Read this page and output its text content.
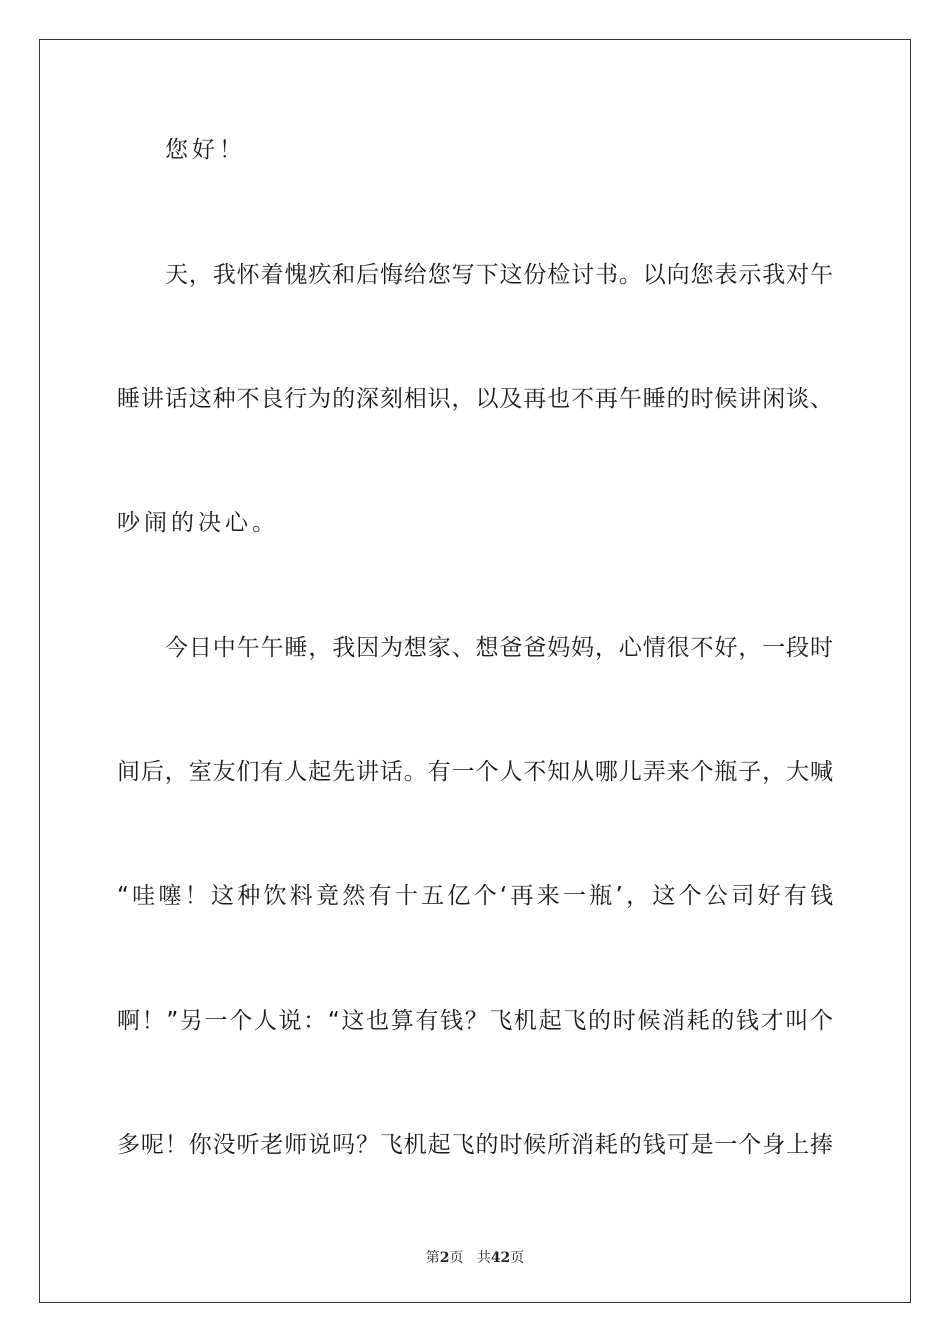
您好！
天，我怀着愧疚和后悔给您写下这份检讨书。以向您表示我对午
睡讲话这种不良行为的深刻相识，以及再也不再午睡的时候讲闲谈、
吵闹的决心。
今日中午午睡，我因为想家、想爸爸妈妈，心情很不好，一段时
间后，室友们有人起先讲话。有一个人不知从哪儿弄来个瓶子，大喊
“哇噻！这种饮料竟然有十五亿个‘再来一瓶’，这个公司好有钱
啊！”另一个人说：“这也算有钱？飞机起飞的时候消耗的钱才叫个
多呢！你没听老师说吗？飞机起飞的时候所消耗的钱可是一个身上捧
第2页 共42页
